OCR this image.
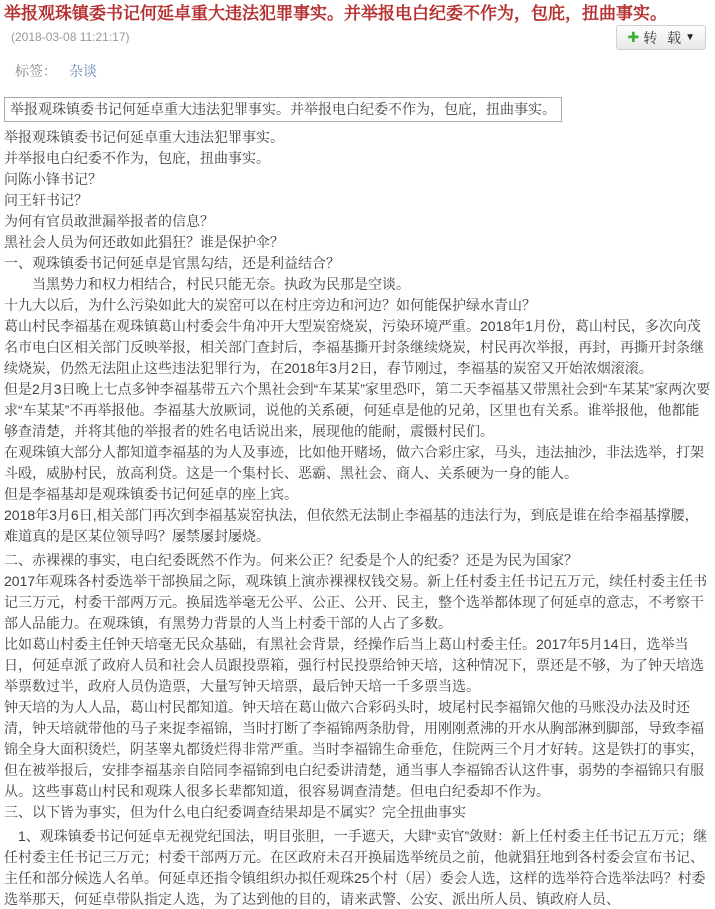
举报观珠镇委书记何延卓重大违法犯罪事实。并举报电白纪委不作为，包庇，扭曲事实。(2018-03-08 11:21:17)	✚ 转 载 ▼
标签： 杂谈
举报观珠镇委书记何延卓重大违法犯罪事实。并举报电白纪委不作为，包庇，扭曲事实。

举报观珠镇委书记何延卓重大违法犯罪事实。

并举报电白纪委不作为，包庇，扭曲事实。

问陈小锋书记？

问王轩书记？

为何有官员敢泄漏举报者的信息？

黑社会人员为何还敢如此猖狂？谁是保护伞？

一、观珠镇委书记何延卓是官黑勾结，还是利益结合？

当黑势力和权力相结合，村民只能无奈。执政为民那是空谈。

十九大以后，为什么污染如此大的炭窑可以在村庄旁边和河边？如何能保护绿水青山？

葛山村民李福基在观珠镇葛山村委会牛角冲开大型炭窑烧炭，污染环境严重。2018年1月份，葛山村民，多次向茂名市电白区相关部门反映举报，相关部门查封后，李福基撕开封条继续烧炭，村民再次举报，再封，再撕开封条继续烧炭，仍然无法阻止这些违法犯罪行为，在2018年3月2日，春节刚过，李福基的炭窑又开始浓烟滚滚。

但是2月3日晚上七点多钟李福基带五六个黑社会到“车某某”家里恐吓，第二天李福基又带黑社会到“车某某”家两次要求“车某某”不再举报他。李福基大放厥词，说他的关系硬，何延卓是他的兄弟，区里也有关系。谁举报他，他都能够查清楚，并将其他的举报者的姓名电话说出来，展现他的能耐，震慑村民们。

在观珠镇大部分人都知道李福基的为人及事迹，比如他开赌场，做六合彩庄家，马头，违法抽沙，非法选举，打架斗殴，威胁村民，放高利贷。这是一个集村长、恶霸、黑社会、商人、关系硬为一身的能人。

但是李福基却是观珠镇委书记何延卓的座上宾。

2018年3月6日,相关部门再次到李福基炭窑执法，但依然无法制止李福基的违法行为，到底是谁在给李福基撑腰，难道真的是区某位领导吗？屡禁屡封屡烧。

二、赤裸裸的事实，电白纪委既然不作为。何来公正？纪委是个人的纪委？还是为民为国家？

2017年观珠各村委选举干部换届之际，观珠镇上演赤裸裸权钱交易。新上任村委主任书记五万元，续任村委主任书记三万元，村委干部两万元。换届选举毫无公平、公正、公开、民主，整个选举都体现了何延卓的意志，不考察干部人品能力。在观珠镇，有黑势力背景的人当上村委干部的人占了多数。

比如葛山村委主任钟天培毫无民众基础，有黑社会背景，经操作后当上葛山村委主任。2017年5月14日，选举当日，何延卓派了政府人员和社会人员跟投票箱，强行村民投票给钟天培，这种情况下，票还是不够，为了钟天培选举票数过半，政府人员伪造票，大量写钟天培票，最后钟天培一千多票当选。

钟天培的为人人品，葛山村民都知道。钟天培在葛山做六合彩码头时，坡尾村民李福锦欠他的马账没办法及时还清，钟天培就带他的马子来捉李福锦，当时打断了李福锦两条肋骨，用刚刚煮沸的开水从胸部淋到脚部，导致李福锦全身大面积烫烂，阴茎睾丸都烫烂得非常严重。当时李福锦生命垂危，住院两三个月才好转。这是铁打的事实，但在被举报后，安排李福基亲自陪同李福锦到电白纪委讲清楚，通当事人李福锦否认这件事，弱势的李福锦只有服从。这些事葛山村民和观珠人很多长辈都知道，很容易调查清楚。但电白纪委却不作为。

三、以下皆为事实，但为什么电白纪委调查结果却是不属实？完全扭曲事实

1、观珠镇委书记何延卓无视党纪国法，明目张胆，一手遮天，大肆“卖官”敛财：新上任村委主任书记五万元；继任村委主任书记三万元；村委干部两万元。在区政府未召开换届选举统员之前，他就猖狂地到各村委会宣布书记、主任和部分候选人名单。何延卓还指令镇组织办拟任观珠25个村（居）委会人选，这样的选举符合选举法吗？村委选举那天，何延卓带队指定人选，为了达到他的目的，请来武警、公安、派出所人员、镇政府人员、
